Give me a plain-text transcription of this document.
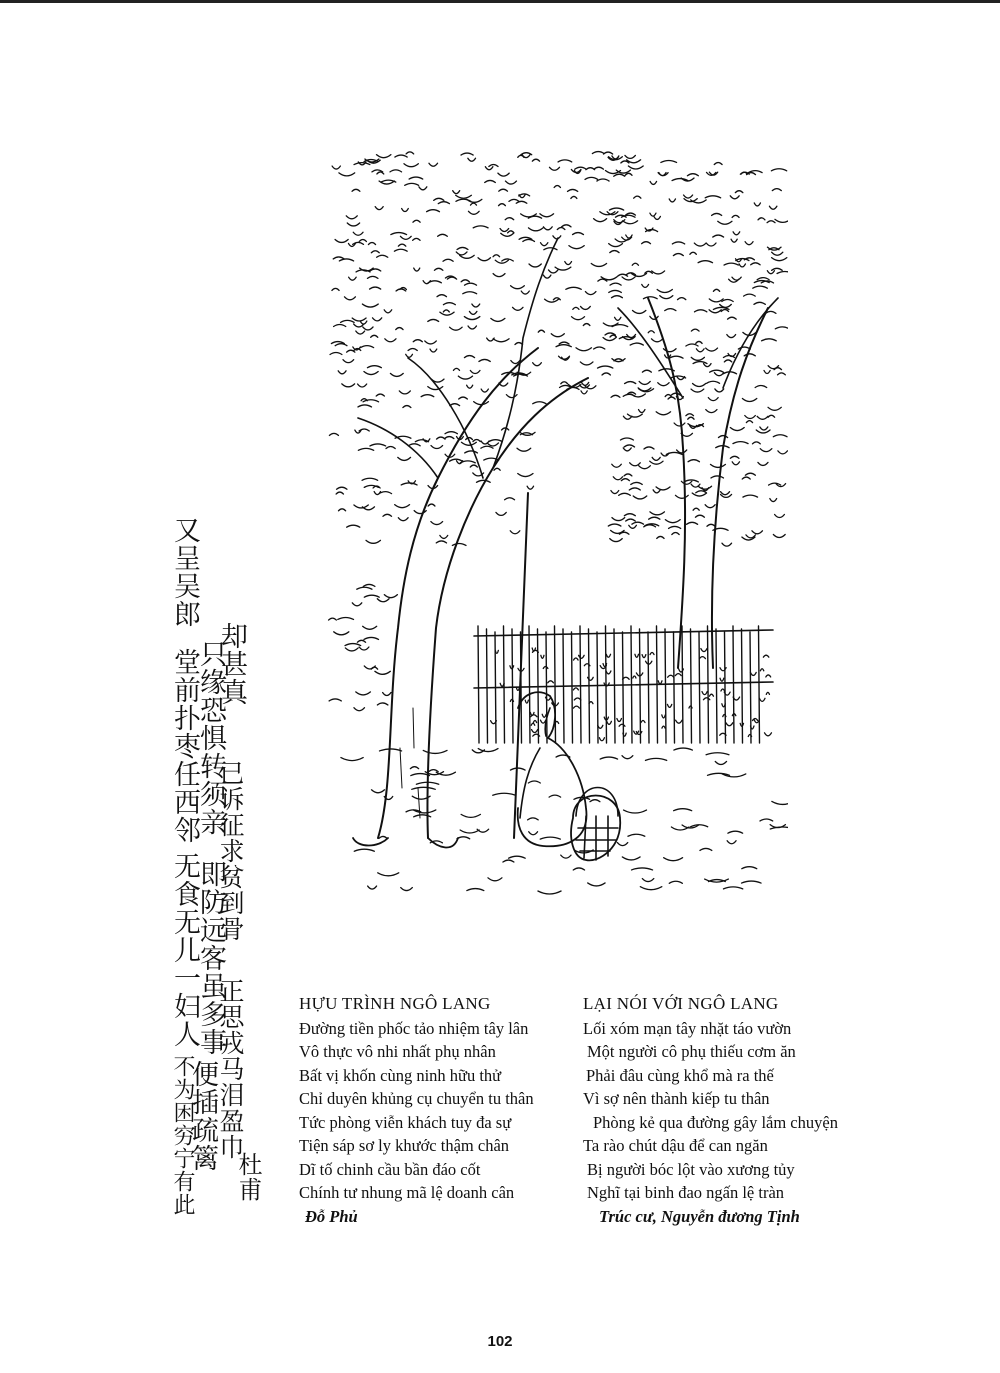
又呈吴郎
堂前扑枣任西邻
无食无儿一妇人
不为困穷宁有此
只缘恐惧转须亲
即防远客虽多事
便插疏篱
却甚真
已诉征求贫到骨
正思戎马泪盈巾
杜甫
HỰU TRÌNH NGÔ LANG
Đường tiền phốc tảo nhiệm tây lân
Vô thực vô nhi nhất phụ nhân
Bất vị khốn cùng ninh hữu thử
Chỉ duyên khủng cụ chuyển tu thân
Tức phòng viễn khách tuy đa sự
Tiện sáp sơ ly khước thậm chân
Dĩ tố chinh cầu bần đáo cốt
Chính tư nhung mã lệ doanh cân
Đỗ Phủ
LẠI NÓI VỚI NGÔ LANG
Lối xóm mạn tây nhặt táo vườn
Một người cô phụ thiếu cơm ăn
Phải đâu cùng khổ mà ra thế
Vì sợ nên thành kiếp tu thân
Phòng kẻ qua đường gây lắm chuyện
Ta rào chút dậu để can ngăn
Bị người bóc lột vào xương tủy
Nghĩ tại binh đao ngấn lệ tràn
Trúc cư, Nguyễn đương Tịnh
102
